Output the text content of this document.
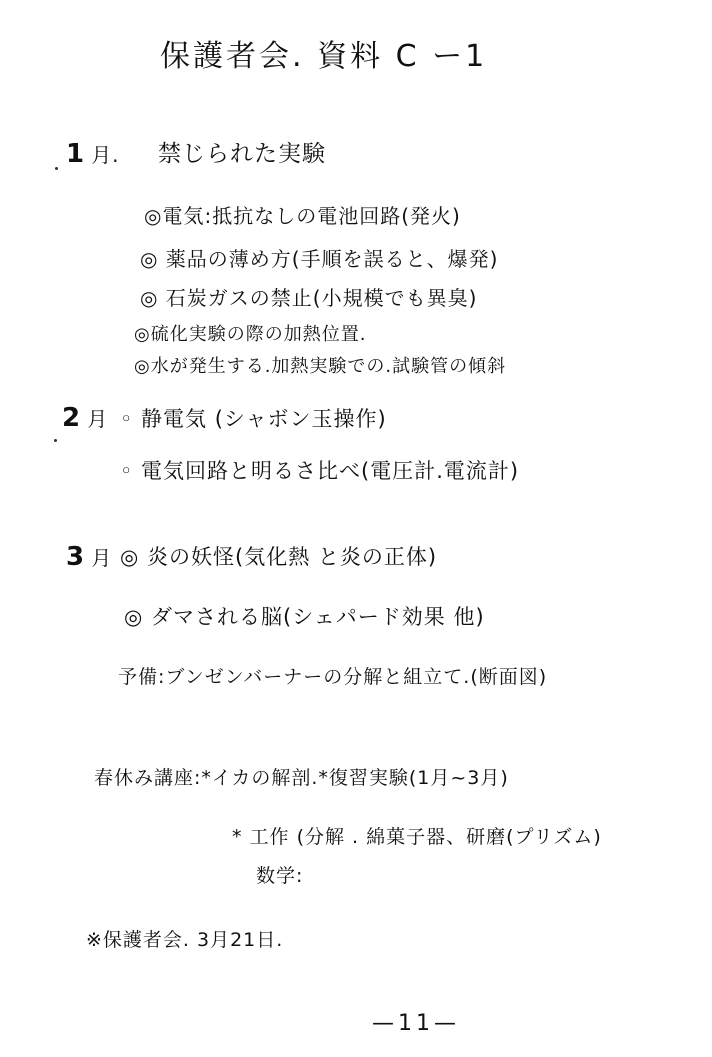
保護者会. 資料 C ー1
1 月. 禁じられた実験
◎電気:抵抗なしの電池回路(発火)
◎ 薬品の薄め方(手順を誤ると、爆発)
◎ 石炭ガスの禁止(小規模でも異臭)
◎硫化実験の際の加熱位置.
◎水が発生する.加熱実験での.試験管の傾斜
2 月 ◦ 静電気 (シャボン玉操作)
◦ 電気回路と明るさ比べ(電圧計.電流計)
3 月 ◎ 炎の妖怪(気化熱 と炎の正体)
◎ ダマされる脳(シェパード効果 他)
予備:ブンゼンバーナーの分解と組立て.(断面図)
春休み講座:*イカの解剖.*復習実験(1月~3月)
* 工作 (分解 . 綿菓子器、研磨(プリズム)
数学:
※保護者会. 3月21日.
—11—
